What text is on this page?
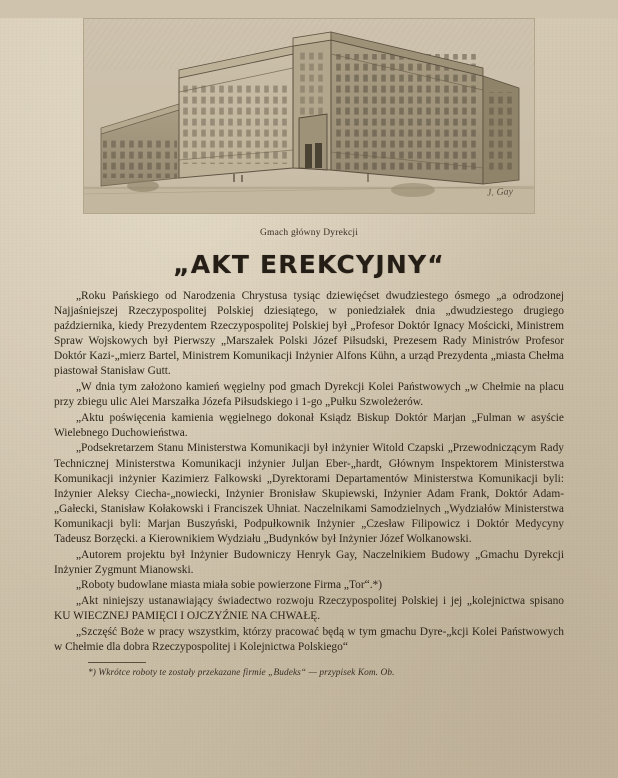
J. Gay
Gmach główny Dyrekcji
„AKT EREKCYJNY“

„Roku Pańskiego od Narodzenia Chrystusa tysiąc dziewięćset dwudziestego ósmego „a odrodzonej Najjaśniejszej Rzeczypospolitej Polskiej dziesiątego, w poniedziałek dnia „dwudziestego drugiego października, kiedy Prezydentem Rzeczypospolitej Polskiej był „Profesor Doktór Ignacy Mościcki, Ministrem Spraw Wojskowych był Pierwszy „Marszałek Polski Józef Piłsudski, Prezesem Rady Ministrów Profesor Doktór Kazi-„mierz Bartel, Ministrem Komunikacji Inżynier Alfons Kühn, a urząd Prezydenta „miasta Chełma piastował Stanisław Gutt.

„W dnia tym założono kamień węgielny pod gmach Dyrekcji Kolei Państwowych „w Chełmie na placu przy zbiegu ulic Alei Marszałka Józefa Piłsudskiego i 1-go „Pułku Szwoleżerów.

„Aktu poświęcenia kamienia węgielnego dokonał Ksiądz Biskup Doktór Marjan „Fulman w asyście Wielebnego Duchowieństwa.

„Podsekretarzem Stanu Ministerstwa Komunikacji był inżynier Witold Czapski „Przewodniczącym Rady Technicznej Ministerstwa Komunikacji inżynier Juljan Eber-„hardt, Głównym Inspektorem Ministerstwa Komunikacji inżynier Kazimierz Falkowski „Dyrektorami Departamentów Ministerstwa Komunikacji byli: Inżynier Aleksy Ciecha-„nowiecki, Inżynier Bronisław Skupiewski, Inżynier Adam Frank, Doktór Adam-„Gałecki, Stanisław Kołakowski i Franciszek Uhniat. Naczelnikami Samodzielnych „Wydziałów Ministerstwa Komunikacji byli: Marjan Buszyński, Podpułkownik Inżynier „Czesław Filipowicz i Doktór Medycyny Tadeusz Borzęcki. a Kierownikiem Wydziału „Budynków był Inżynier Józef Wolkanowski.

„Autorem projektu był Inżynier Budowniczy Henryk Gay, Naczelnikiem Budowy „Gmachu Dyrekcji Inżynier Zygmunt Mianowski.

„Roboty budowlane miasta miała sobie powierzone Firma „Tor“.*)

„Akt niniejszy ustanawiający świadectwo rozwoju Rzeczypospolitej Polskiej i jej „kolejnictwa spisano KU WIECZNEJ PAMIĘCI I OJCZYŹNIE NA CHWAŁĘ.

„Szczęść Boże w pracy wszystkim, którzy pracować będą w tym gmachu Dyre-„kcji Kolei Państwowych w Chełmie dla dobra Rzeczypospolitej i Kolejnictwa Polskiego“

*) Wkrótce roboty te zostały przekazane firmie „Budeks“ — przypisek Kom. Ob.
